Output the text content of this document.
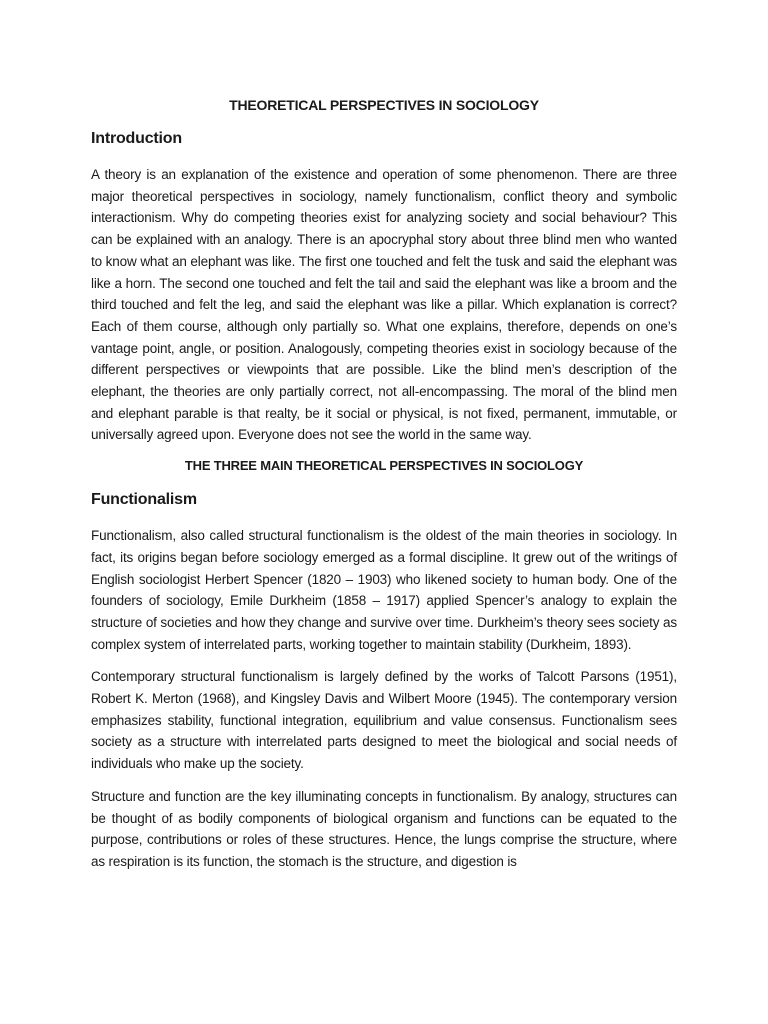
THEORETICAL PERSPECTIVES IN SOCIOLOGY
Introduction

A theory is an explanation of the existence and operation of some phenomenon. There are three major theoretical perspectives in sociology, namely functionalism, conflict theory and symbolic interactionism. Why do competing theories exist for analyzing society and social behaviour? This can be explained with an analogy. There is an apocryphal story about three blind men who wanted to know what an elephant was like. The first one touched and felt the tusk and said the elephant was like a horn. The second one touched and felt the tail and said the elephant was like a broom and the third touched and felt the leg, and said the elephant was like a pillar. Which explanation is correct? Each of them course, although only partially so. What one explains, therefore, depends on one’s vantage point, angle, or position. Analogously, competing theories exist in sociology because of the different perspectives or viewpoints that are possible. Like the blind men’s description of the elephant, the theories are only partially correct, not all-encompassing. The moral of the blind men and elephant parable is that realty, be it social or physical, is not fixed, permanent, immutable, or universally agreed upon. Everyone does not see the world in the same way.

THE THREE MAIN THEORETICAL PERSPECTIVES IN SOCIOLOGY
Functionalism

Functionalism, also called structural functionalism is the oldest of the main theories in sociology. In fact, its origins began before sociology emerged as a formal discipline. It grew out of the writings of English sociologist Herbert Spencer (1820 – 1903) who likened society to human body. One of the founders of sociology, Emile Durkheim (1858 – 1917) applied Spencer’s analogy to explain the structure of societies and how they change and survive over time. Durkheim’s theory sees society as complex system of interrelated parts, working together to maintain stability (Durkheim, 1893).

Contemporary structural functionalism is largely defined by the works of Talcott Parsons (1951), Robert K. Merton (1968), and Kingsley Davis and Wilbert Moore (1945). The contemporary version emphasizes stability, functional integration, equilibrium and value consensus. Functionalism sees society as a structure with interrelated parts designed to meet the biological and social needs of individuals who make up the society.

Structure and function are the key illuminating concepts in functionalism. By analogy, structures can be thought of as bodily components of biological organism and functions can be equated to the purpose, contributions or roles of these structures. Hence, the lungs comprise the structure, where as respiration is its function, the stomach is the structure, and digestion is
